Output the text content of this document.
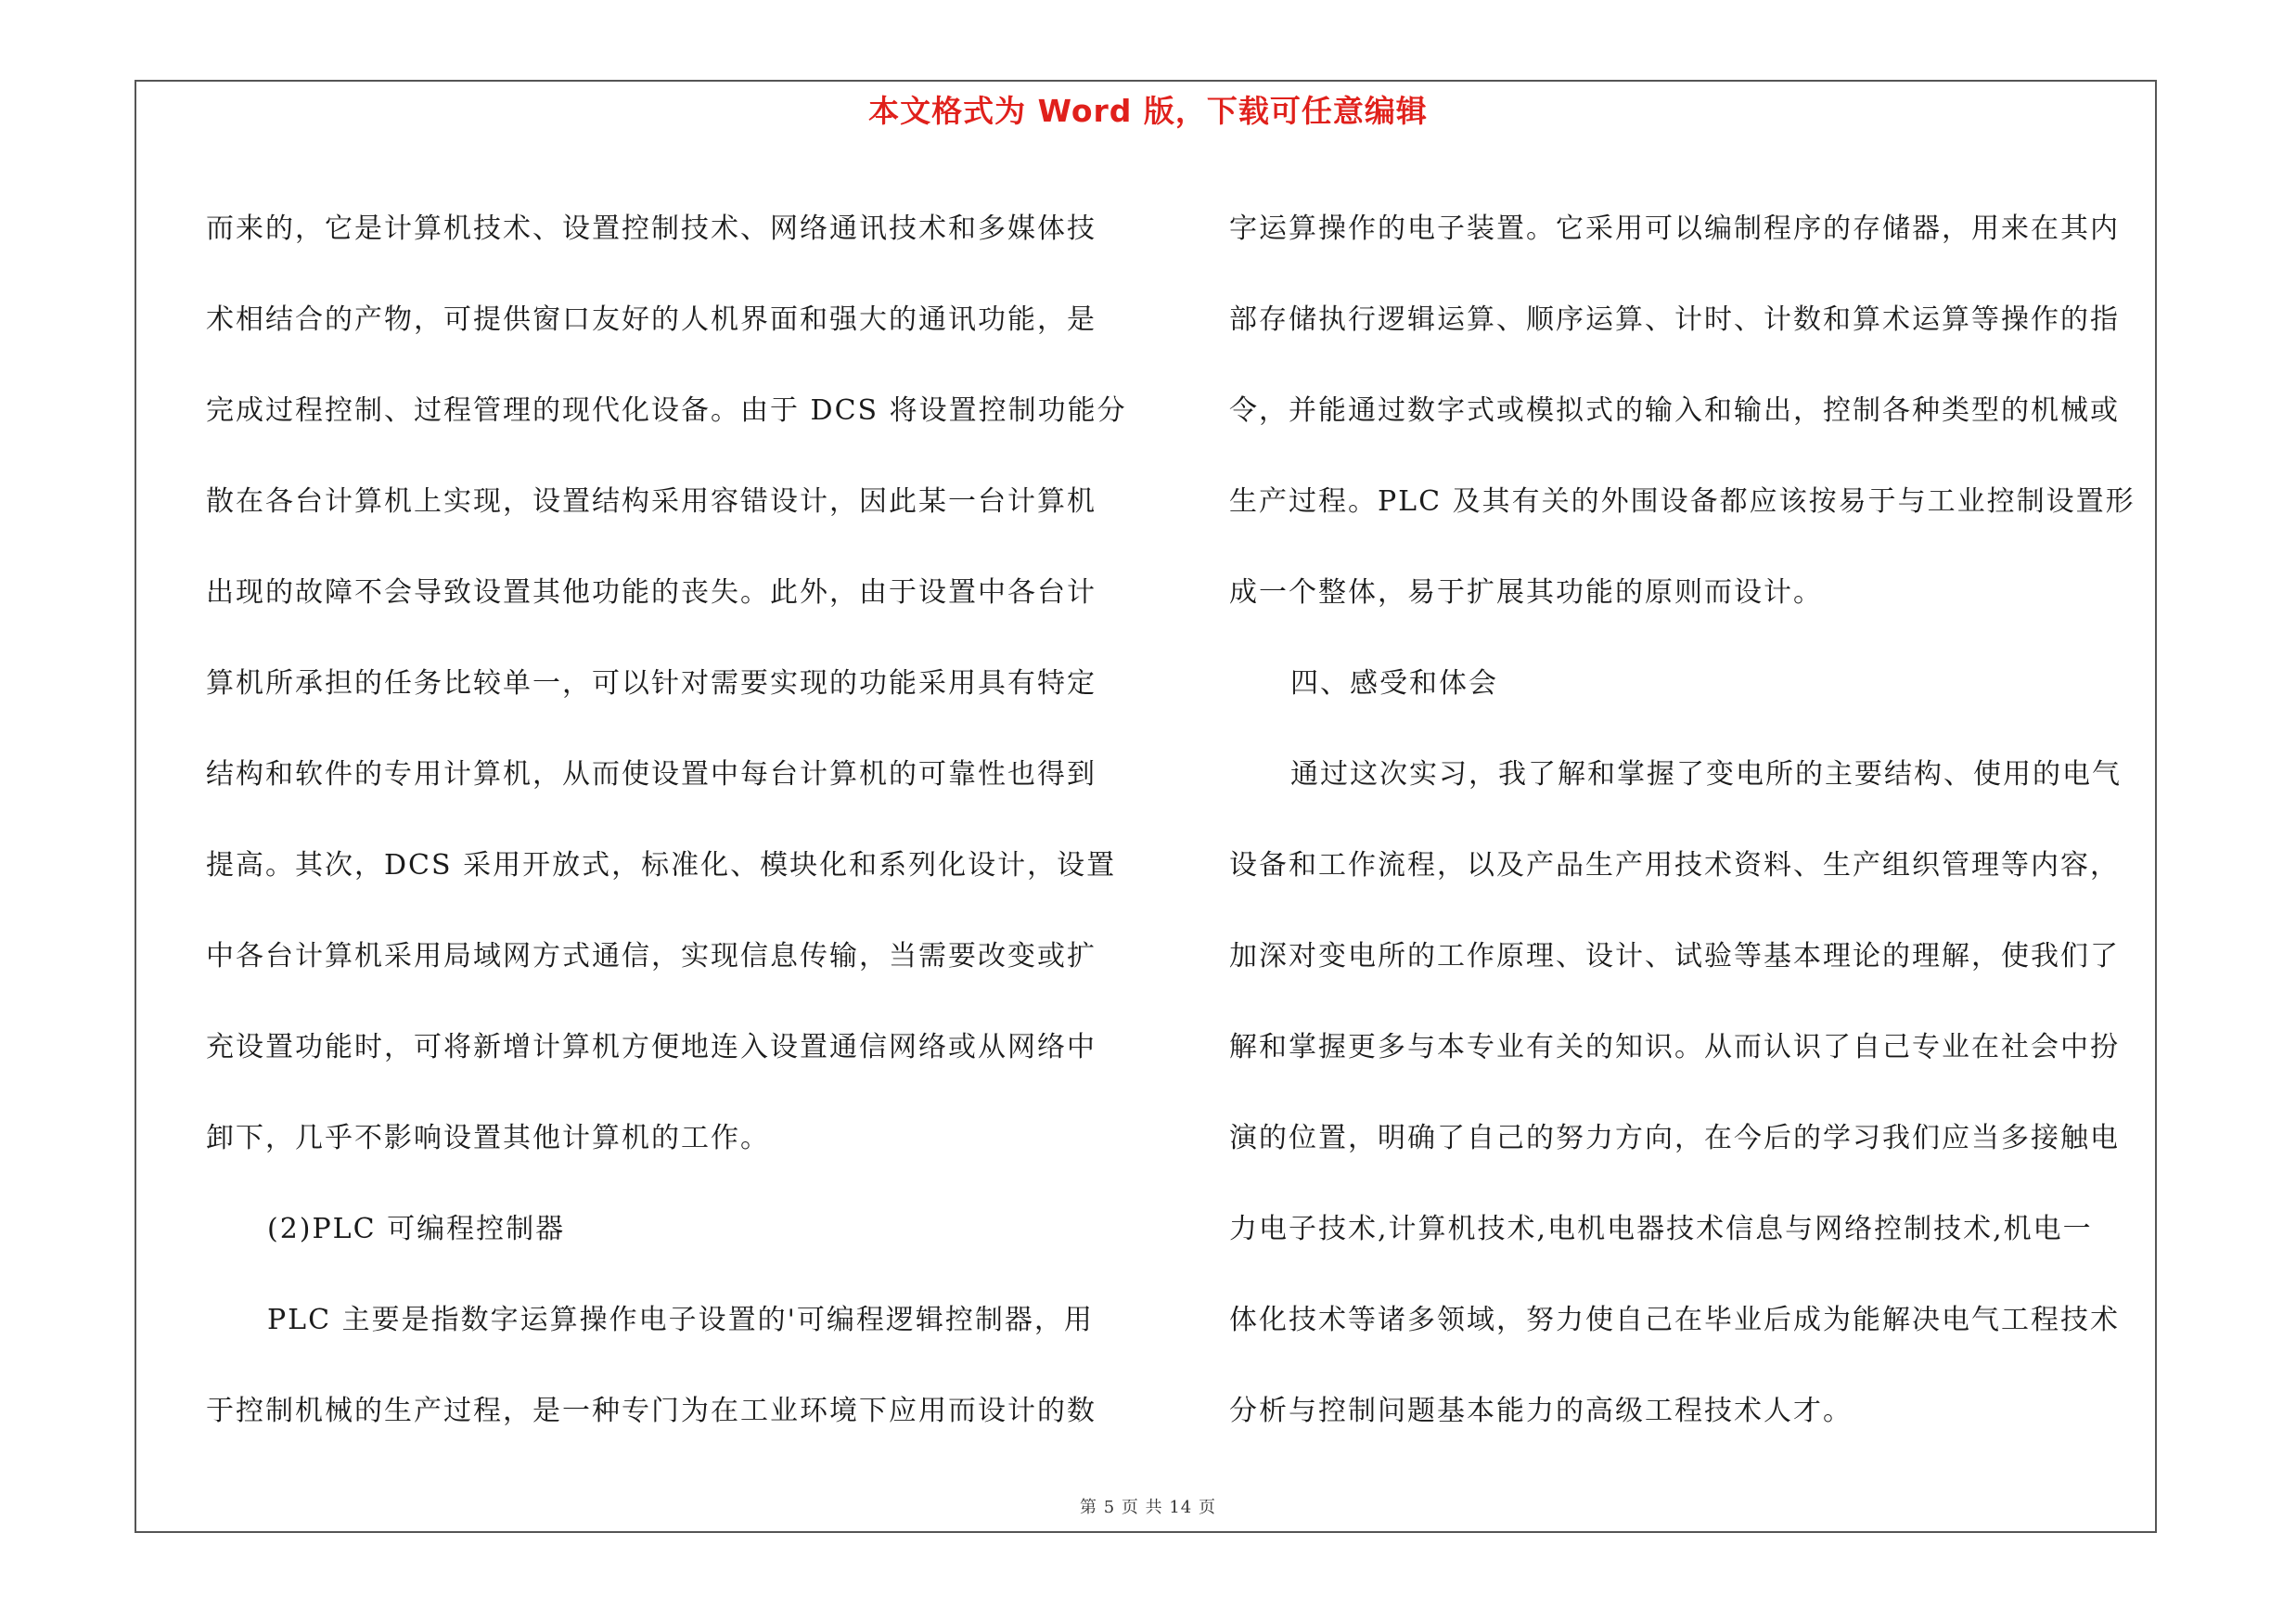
本文格式为 Word 版，下载可任意编辑
而来的，它是计算机技术、设置控制技术、网络通讯技术和多媒体技
术相结合的产物，可提供窗口友好的人机界面和强大的通讯功能，是
完成过程控制、过程管理的现代化设备。由于 DCS 将设置控制功能分
散在各台计算机上实现，设置结构采用容错设计，因此某一台计算机
出现的故障不会导致设置其他功能的丧失。此外，由于设置中各台计
算机所承担的任务比较单一，可以针对需要实现的功能采用具有特定
结构和软件的专用计算机，从而使设置中每台计算机的可靠性也得到
提高。其次，DCS 采用开放式，标准化、模块化和系列化设计，设置
中各台计算机采用局域网方式通信，实现信息传输，当需要改变或扩
充设置功能时，可将新增计算机方便地连入设置通信网络或从网络中
卸下，几乎不影响设置其他计算机的工作。
(2)PLC 可编程控制器
PLC 主要是指数字运算操作电子设置的'可编程逻辑控制器，用
于控制机械的生产过程，是一种专门为在工业环境下应用而设计的数
字运算操作的电子装置。它采用可以编制程序的存储器，用来在其内
部存储执行逻辑运算、顺序运算、计时、计数和算术运算等操作的指
令，并能通过数字式或模拟式的输入和输出，控制各种类型的机械或
生产过程。PLC 及其有关的外围设备都应该按易于与工业控制设置形
成一个整体，易于扩展其功能的原则而设计。
四、感受和体会
通过这次实习，我了解和掌握了变电所的主要结构、使用的电气
设备和工作流程，以及产品生产用技术资料、生产组织管理等内容，
加深对变电所的工作原理、设计、试验等基本理论的理解，使我们了
解和掌握更多与本专业有关的知识。从而认识了自己专业在社会中扮
演的位置，明确了自己的努力方向，在今后的学习我们应当多接触电
力电子技术,计算机技术,电机电器技术信息与网络控制技术,机电一
体化技术等诸多领域，努力使自己在毕业后成为能解决电气工程技术
分析与控制问题基本能力的高级工程技术人才。
第 5 页 共 14 页
